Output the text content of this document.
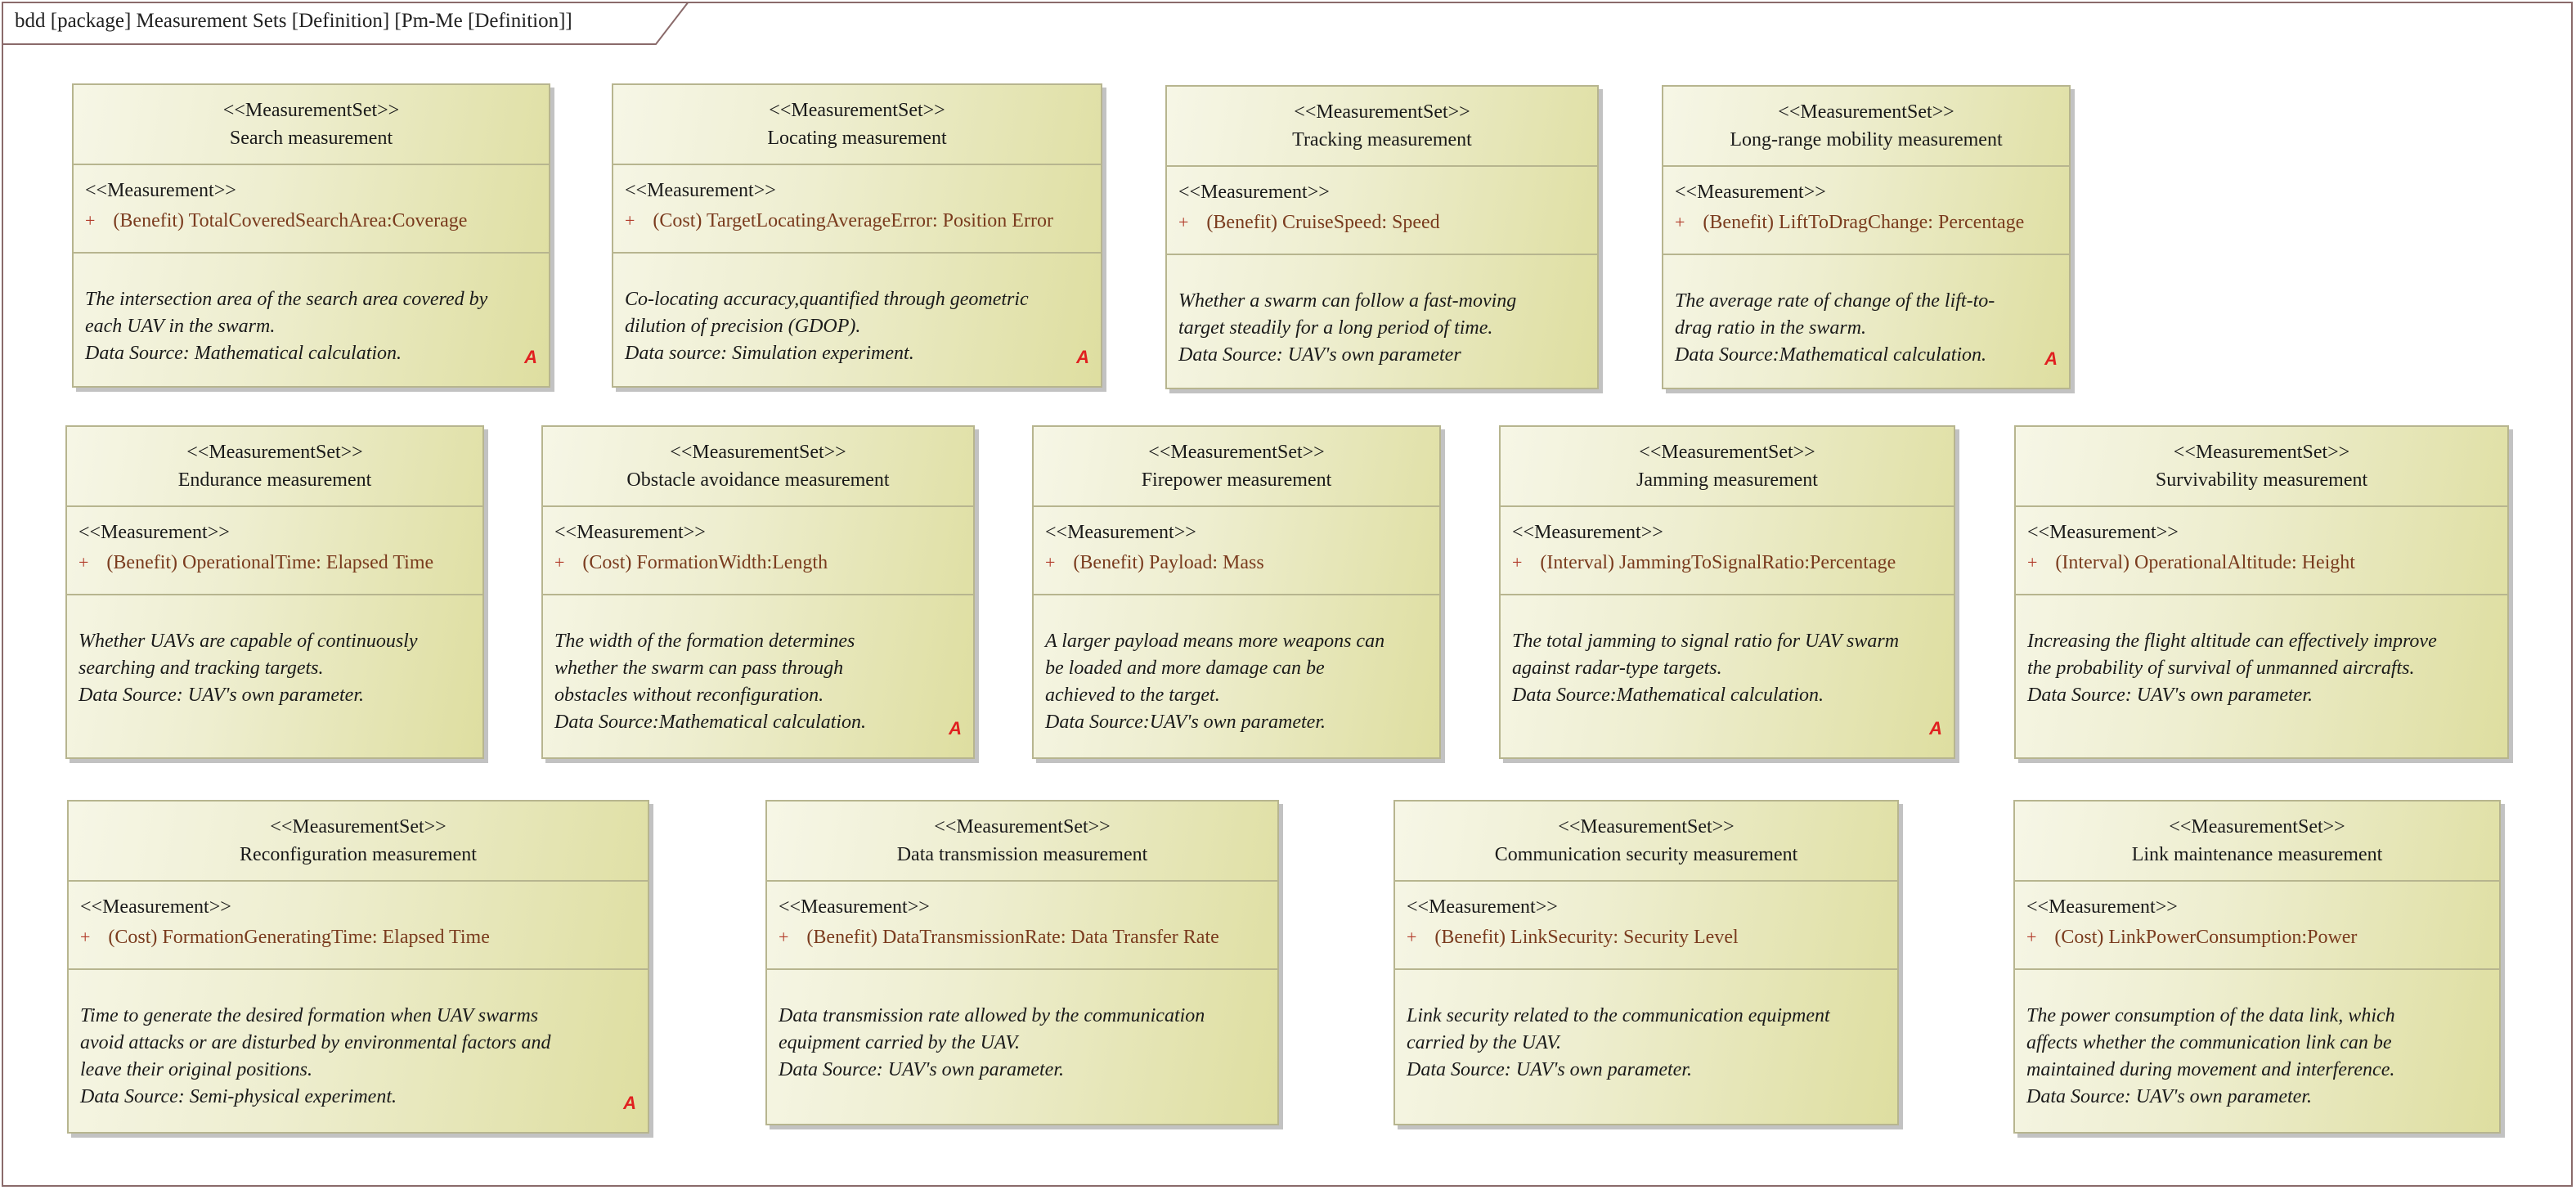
bdd [package] Measurement Sets [Definition] [Pm-Me [Definition]]
<<MeasurementSet>>
Search measurement
<<Measurement>>
+ (Benefit) TotalCoveredSearchArea:Coverage
The intersection area of the search area covered by
each UAV in the swarm.
Data Source: Mathematical calculation.	A
<<MeasurementSet>>
Locating measurement
<<Measurement>>
+ (Cost) TargetLocatingAverageError: Position Error
Co-locating accuracy,quantified through geometric
dilution of precision (GDOP).
Data source: Simulation experiment.	A
<<MeasurementSet>>
Tracking measurement
<<Measurement>>
+ (Benefit) CruiseSpeed: Speed
Whether a swarm can follow a fast-moving
target steadily for a long period of time.
Data Source: UAV's own parameter
<<MeasurementSet>>
Long-range mobility measurement
<<Measurement>>
+ (Benefit) LiftToDragChange: Percentage
The average rate of change of the lift-to-
drag ratio in the swarm.
Data Source:Mathematical calculation.	A
<<MeasurementSet>>
Endurance measurement
<<Measurement>>
+ (Benefit) OperationalTime: Elapsed Time
Whether UAVs are capable of continuously
searching and tracking targets.
Data Source: UAV's own parameter.
<<MeasurementSet>>
Obstacle avoidance measurement
<<Measurement>>
+ (Cost) FormationWidth:Length
The width of the formation determines
whether the swarm can pass through
obstacles without reconfiguration.
Data Source:Mathematical calculation.	A
<<MeasurementSet>>
Firepower measurement
<<Measurement>>
+ (Benefit) Payload: Mass
A larger payload means more weapons can
be loaded and more damage can be
achieved to the target.
Data Source:UAV's own parameter.
<<MeasurementSet>>
Jamming measurement
<<Measurement>>
+ (Interval) JammingToSignalRatio:Percentage
The total jamming to signal ratio for UAV swarm
against radar-type targets.
Data Source:Mathematical calculation.
A
<<MeasurementSet>>
Survivability measurement
<<Measurement>>
+ (Interval) OperationalAltitude: Height
Increasing the flight altitude can effectively improve
the probability of survival of unmanned aircrafts.
Data Source: UAV's own parameter.
<<MeasurementSet>>
Reconfiguration measurement
<<Measurement>>
+ (Cost) FormationGeneratingTime: Elapsed Time
Time to generate the desired formation when UAV swarms
avoid attacks or are disturbed by environmental factors and
leave their original positions.
Data Source: Semi-physical experiment.	A
<<MeasurementSet>>
Data transmission measurement
<<Measurement>>
+ (Benefit) DataTransmissionRate: Data Transfer Rate
Data transmission rate allowed by the communication
equipment carried by the UAV.
Data Source: UAV's own parameter.
<<MeasurementSet>>
Communication security measurement
<<Measurement>>
+ (Benefit) LinkSecurity: Security Level
Link security related to the communication equipment
carried by the UAV.
Data Source: UAV's own parameter.
<<MeasurementSet>>
Link maintenance measurement
<<Measurement>>
+ (Cost) LinkPowerConsumption:Power
The power consumption of the data link, which
affects whether the communication link can be
maintained during movement and interference.
Data Source: UAV's own parameter.
